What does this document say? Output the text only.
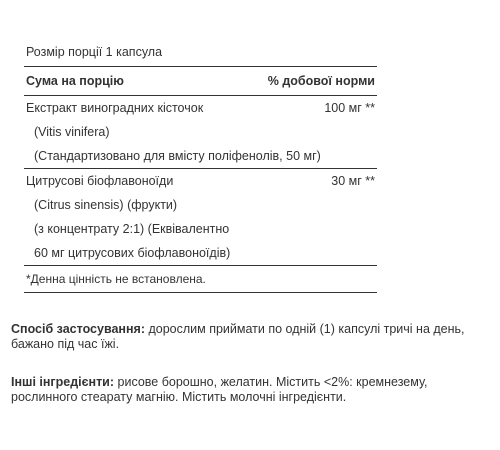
Розмір порції 1 капсула
Сума на порцію	% добової норми
Екстракт виноградних кісточок	100 мг **
(Vitis vinifera)
(Стандартизовано для вмісту поліфенолів, 50 мг)
Цитрусові біофлавоноїди	30 мг **
(Citrus sinensis) (фрукти)
(з концентрату 2:1) (Еквівалентно
60 мг цитрусових біофлавоноїдів)
*Денна цінність не встановлена.

Спосіб застосування: дорослим приймати по одній (1) капсулі тричі на день, бажано під час їжі.

Інші інгредієнти: рисове борошно, желатин. Містить <2%: кремнезему, рослинного стеарату магнію. Містить молочні інгредієнти.
